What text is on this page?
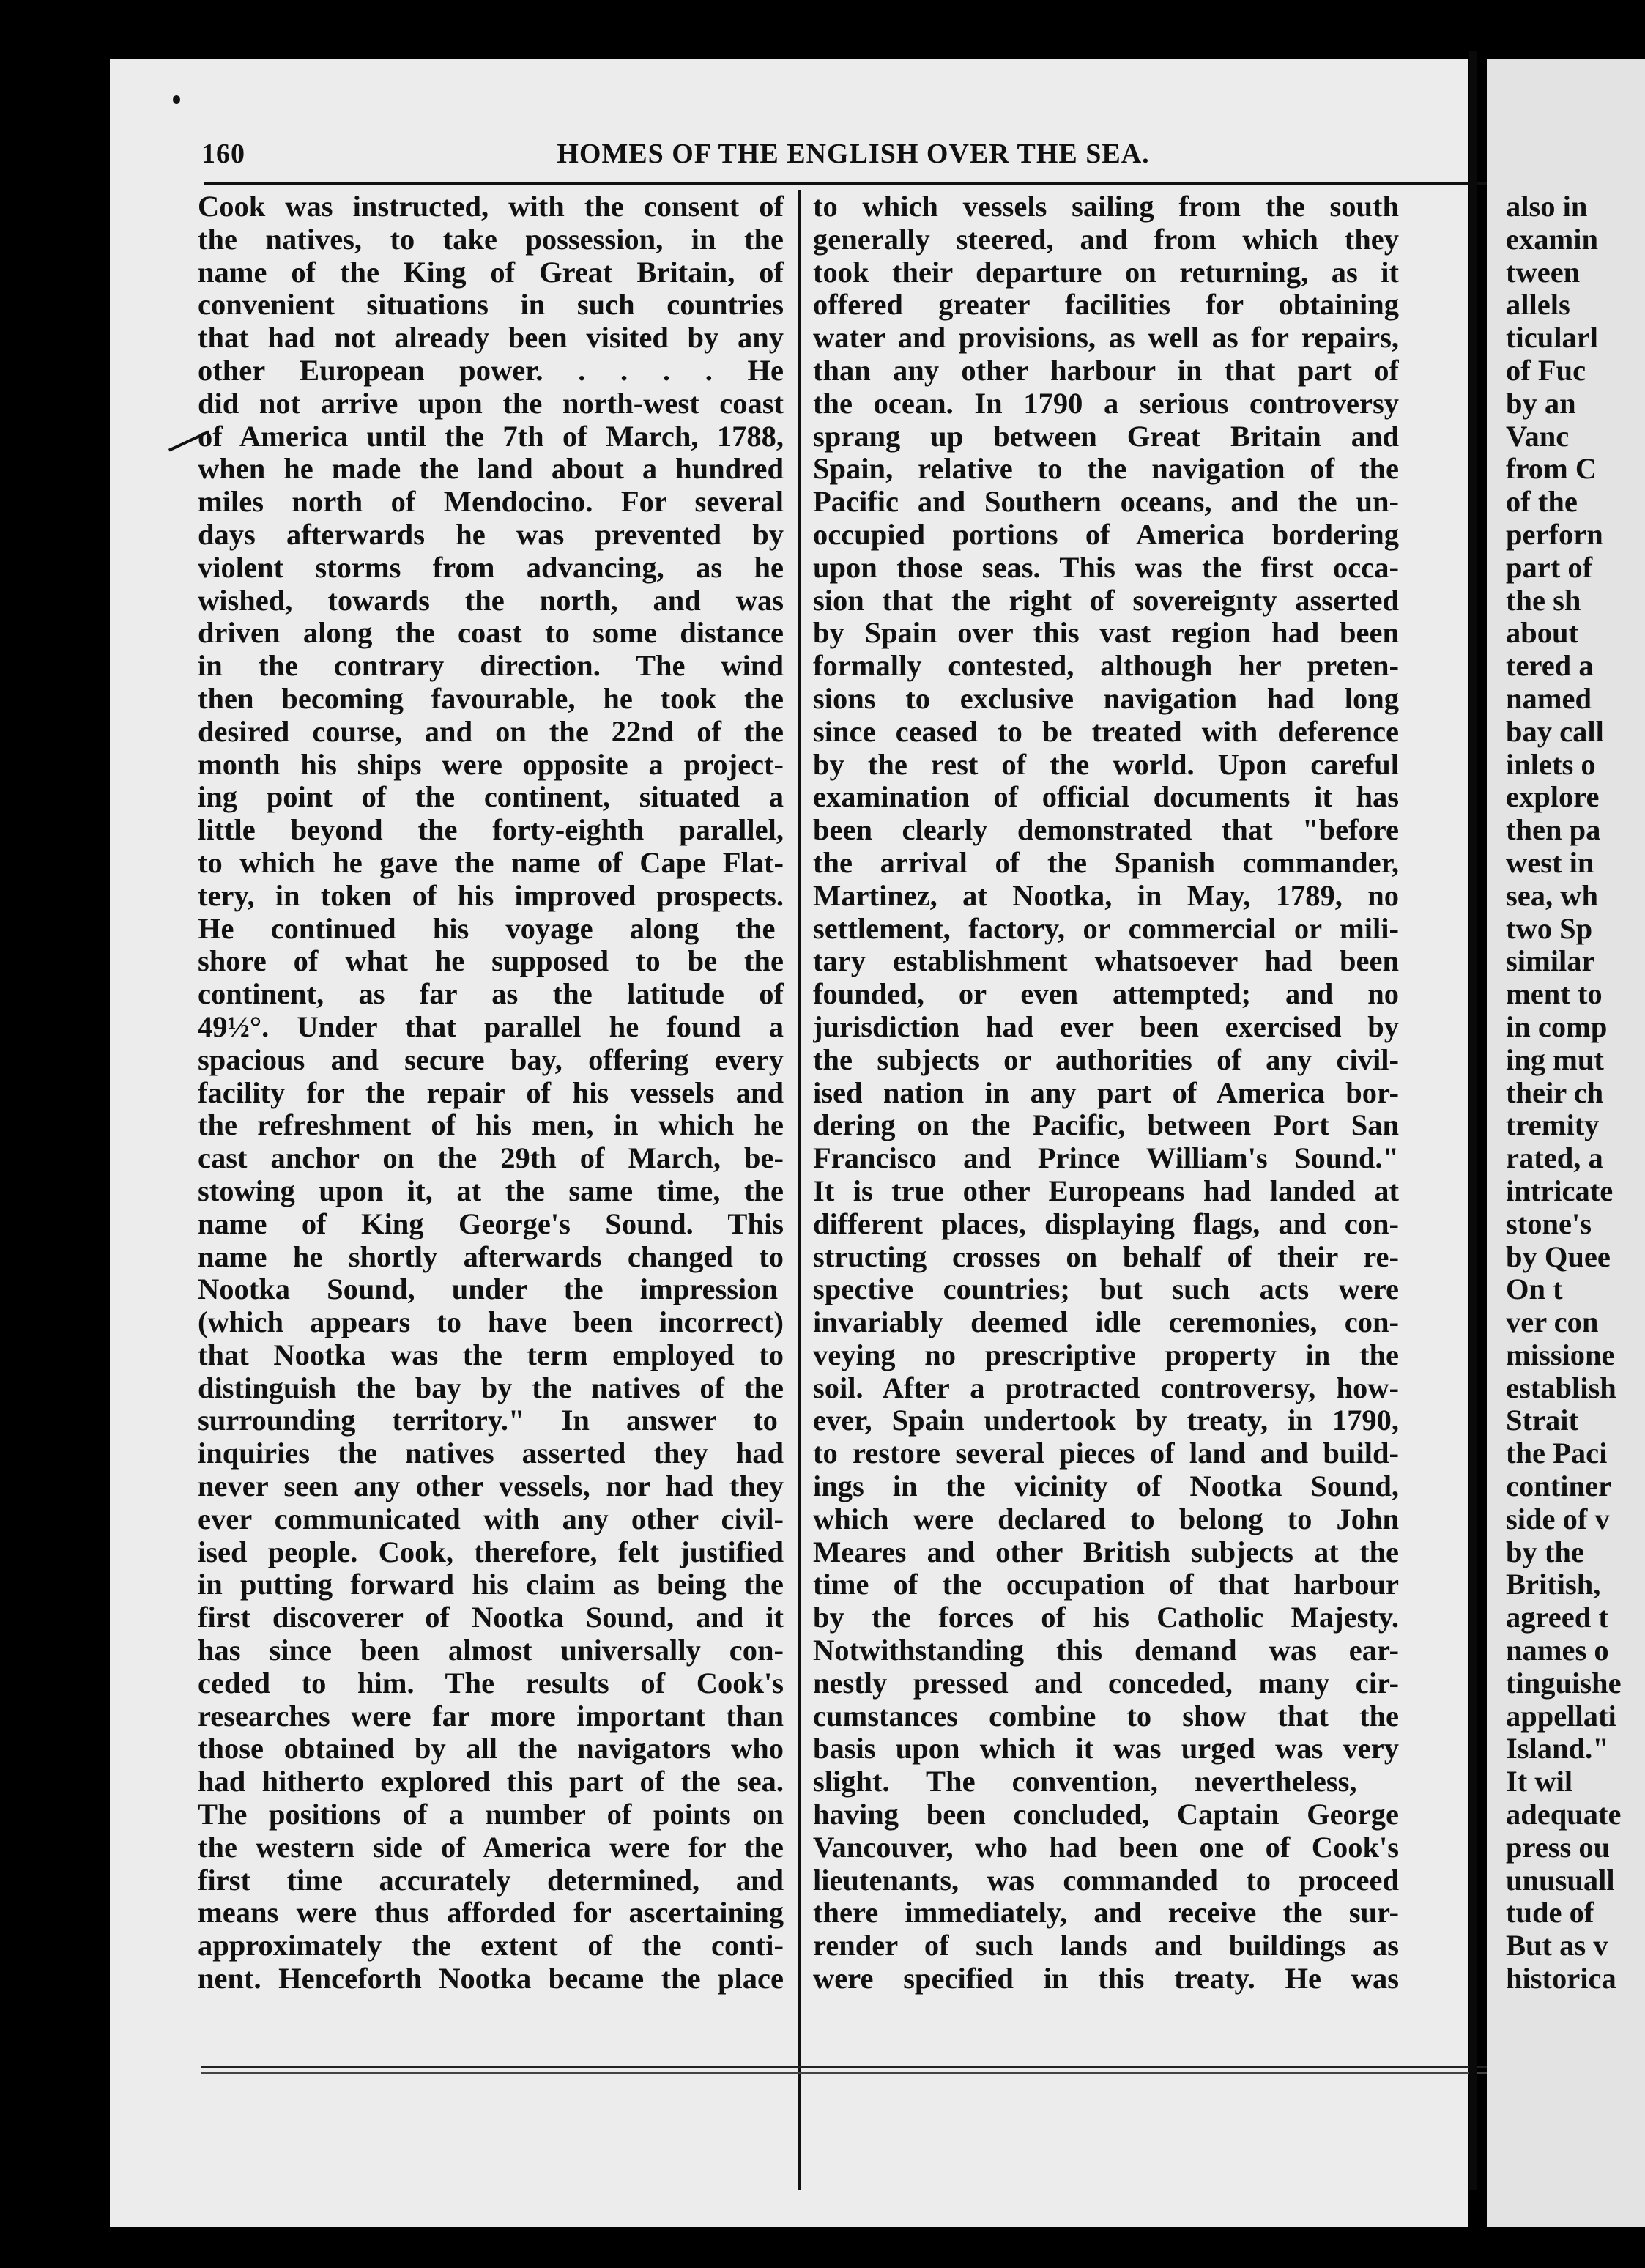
160	HOMES OF THE ENGLISH OVER THE SEA.
Cook was instructed, with the consent of
the natives, to take possession, in the
name of the King of Great Britain, of
convenient situations in such countries
that had not already been visited by any
other European power. . . . . He
did not arrive upon the north-west coast
of America until the 7th of March, 1788,
when he made the land about a hundred
miles north of Mendocino. For several
days afterwards he was prevented by
violent storms from advancing, as he
wished, towards the north, and was
driven along the coast to some distance
in the contrary direction. The wind
then becoming favourable, he took the
desired course, and on the 22nd of the
month his ships were opposite a project-
ing point of the continent, situated a
little beyond the forty-eighth parallel,
to which he gave the name of Cape Flat-
tery, in token of his improved prospects.
He continued his voyage along the
shore of what he supposed to be the
continent, as far as the latitude of
49½°. Under that parallel he found a
spacious and secure bay, offering every
facility for the repair of his vessels and
the refreshment of his men, in which he
cast anchor on the 29th of March, be-
stowing upon it, at the same time, the
name of King George's Sound. This
name he shortly afterwards changed to
Nootka Sound, under the impression
(which appears to have been incorrect)
that Nootka was the term employed to
distinguish the bay by the natives of the
surrounding territory." In answer to
inquiries the natives asserted they had
never seen any other vessels, nor had they
ever communicated with any other civil-
ised people. Cook, therefore, felt justified
in putting forward his claim as being the
first discoverer of Nootka Sound, and it
has since been almost universally con-
ceded to him. The results of Cook's
researches were far more important than
those obtained by all the navigators who
had hitherto explored this part of the sea.
The positions of a number of points on
the western side of America were for the
first time accurately determined, and
means were thus afforded for ascertaining
approximately the extent of the conti-
nent. Henceforth Nootka became the place
to which vessels sailing from the south
generally steered, and from which they
took their departure on returning, as it
offered greater facilities for obtaining
water and provisions, as well as for repairs,
than any other harbour in that part of
the ocean. In 1790 a serious controversy
sprang up between Great Britain and
Spain, relative to the navigation of the
Pacific and Southern oceans, and the un-
occupied portions of America bordering
upon those seas. This was the first occa-
sion that the right of sovereignty asserted
by Spain over this vast region had been
formally contested, although her preten-
sions to exclusive navigation had long
since ceased to be treated with deference
by the rest of the world. Upon careful
examination of official documents it has
been clearly demonstrated that "before
the arrival of the Spanish commander,
Martinez, at Nootka, in May, 1789, no
settlement, factory, or commercial or mili-
tary establishment whatsoever had been
founded, or even attempted; and no
jurisdiction had ever been exercised by
the subjects or authorities of any civil-
ised nation in any part of America bor-
dering on the Pacific, between Port San
Francisco and Prince William's Sound."
It is true other Europeans had landed at
different places, displaying flags, and con-
structing crosses on behalf of their re-
spective countries; but such acts were
invariably deemed idle ceremonies, con-
veying no prescriptive property in the
soil. After a protracted controversy, how-
ever, Spain undertook by treaty, in 1790,
to restore several pieces of land and build-
ings in the vicinity of Nootka Sound,
which were declared to belong to John
Meares and other British subjects at the
time of the occupation of that harbour
by the forces of his Catholic Majesty.
Notwithstanding this demand was ear-
nestly pressed and conceded, many cir-
cumstances combine to show that the
basis upon which it was urged was very
slight. The convention, nevertheless,
having been concluded, Captain George
Vancouver, who had been one of Cook's
lieutenants, was commanded to proceed
there immediately, and receive the sur-
render of such lands and buildings as
were specified in this treaty. He was
also in
examin
tween
allels
ticularl
of Fuc
by an
Vanc
from C
of the
perforn
part of
the sh
about
tered a
named
bay call
inlets o
explore
then pa
west in
sea, wh
two Sp
similar
ment to
in comp
ing mut
their ch
tremity
rated, a
intricate
stone's
by Quee
On t
ver con
missione
establish
Strait
the Paci
continer
side of v
by the
British,
agreed t
names o
tinguishe
appellati
Island."
It wil
adequate
press ou
unusuall
tude of
But as v
historica
